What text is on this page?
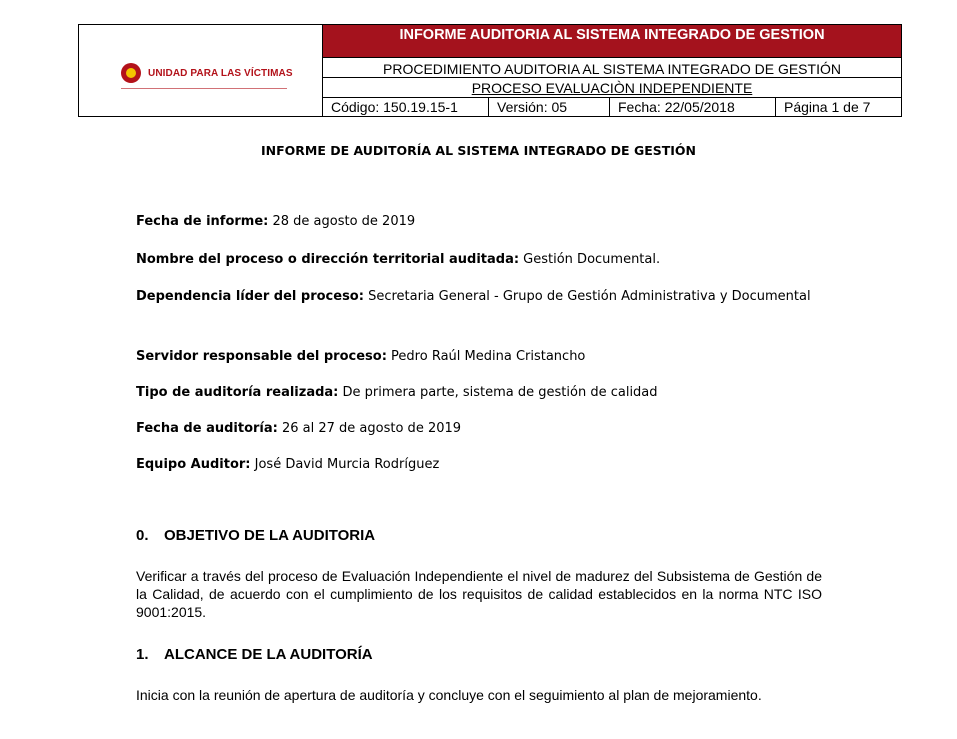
UNIDAD PARA LAS VÍCTIMAS
INFORME AUDITORIA AL SISTEMA INTEGRADO DE GESTION
PROCEDIMIENTO AUDITORIA AL SISTEMA INTEGRADO DE GESTIÓN
PROCESO EVALUACIÒN INDEPENDIENTE
Código: 150.19.15-1	Versión: 05	Fecha: 22/05/2018	Página 1 de 7
INFORME DE AUDITORÍA AL SISTEMA INTEGRADO DE GESTIÓN
Fecha de informe: 28 de agosto de 2019
Nombre del proceso o dirección territorial auditada: Gestión Documental.
Dependencia líder del proceso: Secretaria General - Grupo de Gestión Administrativa y Documental
Servidor responsable del proceso: Pedro Raúl Medina Cristancho
Tipo de auditoría realizada: De primera parte, sistema de gestión de calidad
Fecha de auditoría: 26 al 27 de agosto de 2019
Equipo Auditor: José David Murcia Rodríguez
0. OBJETIVO DE LA AUDITORIA
Verificar a través del proceso de Evaluación Independiente el nivel de madurez del Subsistema de Gestión de la Calidad, de acuerdo con el cumplimiento de los requisitos de calidad establecidos en la norma NTC ISO 9001:2015.
1. ALCANCE DE LA AUDITORÍA
Inicia con la reunión de apertura de auditoría y concluye con el seguimiento al plan de mejoramiento.
